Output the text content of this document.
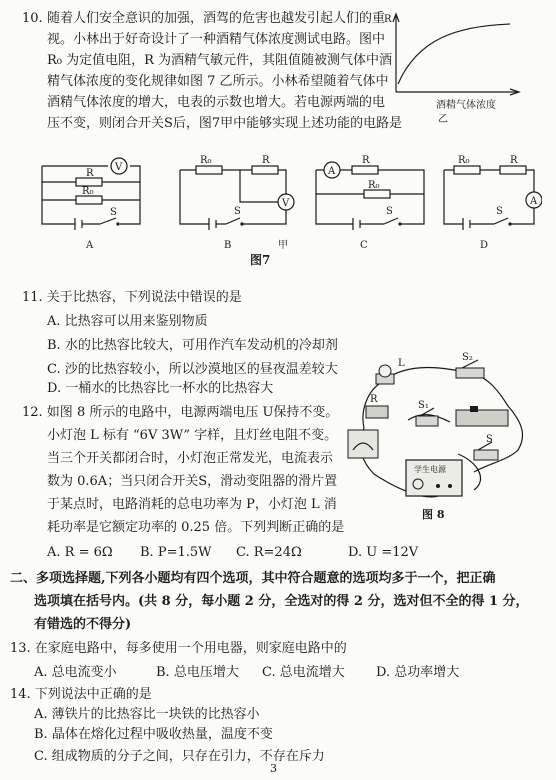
10. 随着人们安全意识的加强，酒驾的危害也越发引起人们的重
视。小林出于好奇设计了一种酒精气体浓度测试电路。图中
R₀ 为定值电阻，R 为酒精气敏元件，其阻值随被测气体中酒
精气体浓度的变化规律如图 7 乙所示。小林希望随着气体中
酒精气体浓度的增大，电表的示数也增大。若电源两端的电
压不变，则闭合开关S后，图7甲中能够实现上述功能的电路是
R
酒精气体浓度
乙
V
R
R₀
S
A
R₀	R
V
S
B
A
R
R₀
S
C
R₀	R
A
S
D
甲
图7
11. 关于比热容，下列说法中错误的是
A. 比热容可以用来鉴别物质
B. 水的比热容比较大，可用作汽车发动机的冷却剂
C. 沙的比热容较小，所以沙漠地区的昼夜温差较大
D. 一桶水的比热容比一杯水的比热容大
12. 如图 8 所示的电路中，电源两端电压 U保持不变。
小灯泡 L 标有 “6V 3W” 字样，且灯丝电阻不变。
当三个开关都闭合时，小灯泡正常发光，电流表示
数为 0.6A；当只闭合开关S，滑动变阻器的滑片置
于某点时，电路消耗的总电功率为 P，小灯泡 L 消
耗功率是它额定功率的 0.25 倍。下列判断正确的是
A. R = 6Ω B. P=1.5W C. R=24Ω	D. U =12V
L
S₂
R
S₁
S
学生电源
图 8
二、多项选择题,下列各小题均有四个选项，其中符合题意的选项均多于一个，把正确
选项填在括号内。(共 8 分，每小题 2 分，全选对的得 2 分，选对但不全的得 1 分，
有错选的不得分)
13. 在家庭电路中，每多使用一个用电器，则家庭电路中的
A. 总电流变小	B. 总电压增大 C. 总电流增大 D. 总功率增大
14. 下列说法中正确的是
A. 薄铁片的比热容比一块铁的比热容小
B. 晶体在熔化过程中吸收热量，温度不变
C. 组成物质的分子之间，只存在引力，不存在斥力
3
